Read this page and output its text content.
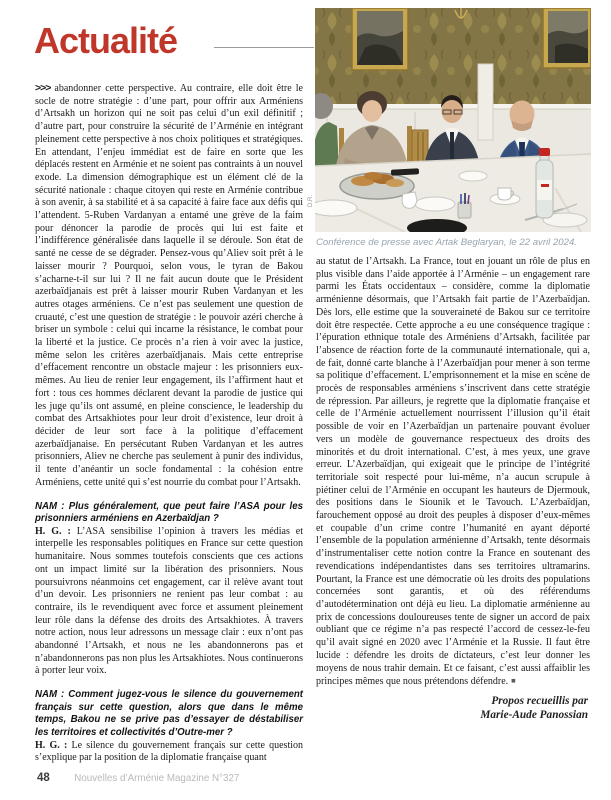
Actualité
D.R.
Conférence de presse avec Artak Beglaryan, le 22 avril 2024.

>>> abandonner cette perspective. Au contraire, elle doit être le socle de notre stratégie : d’une part, pour offrir aux Arméniens d’Artsakh un horizon qui ne soit pas celui d’un exil définitif ; d’autre part, pour construire la sécurité de l’Arménie en intégrant pleinement cette perspective à nos choix politiques et stratégiques. En attendant, l’enjeu immédiat est de faire en sorte que les déplacés restent en Arménie et ne soient pas contraints à un nouvel exode. La dimension démographique est un élément clé de la sécurité nationale : chaque citoyen qui reste en Arménie contribue à son avenir, à sa stabilité et à sa capacité à faire face aux défis qui l’attendent. 5-Ruben Vardanyan a entamé une grève de la faim pour dénoncer la parodie de procès qui lui est faite et l’indifférence généralisée dans laquelle il se déroule. Son état de santé ne cesse de se dégrader. Pensez-vous qu’Aliev soit prêt à le laisser mourir ? Pourquoi, selon vous, le tyran de Bakou s’acharne-t-il sur lui ? Il ne fait aucun doute que le Président azerbaïdjanais est prêt à laisser mourir Ruben Vardanyan et les autres otages arméniens. Ce n’est pas seulement une question de cruauté, c’est une question de stratégie : le pouvoir azéri cherche à briser un symbole : celui qui incarne la résistance, le combat pour la liberté et la justice. Ce procès n’a rien à voir avec la justice, même selon les critères azerbaïdjanais. Mais cette entreprise d’effacement rencontre un obstacle majeur : les prisonniers eux-mêmes. Au lieu de renier leur engagement, ils l’affirment haut et fort : tous ces hommes déclarent devant la parodie de justice qui les juge qu’ils ont assumé, en pleine conscience, le leadership du combat des Artsakhiotes pour leur droit d’existence, leur droit à décider de leur sort face à la politique d’effacement azerbaïdjanaise. En persécutant Ruben Vardanyan et les autres prisonniers, Aliev ne cherche pas seulement à punir des individus, il tente d’anéantir un socle fondamental : la cohésion entre Arméniens, cette unité qui s’est nourrie du combat pour l’Artsakh.

NAM : Plus généralement, que peut faire l’ASA pour les prisonniers arméniens en Azerbaïdjan ?

H. G. : L’ASA sensibilise l’opinion à travers les médias et interpelle les responsables politiques en France sur cette question humanitaire. Nous sommes toutefois conscients que ces actions ont un impact limité sur la libération des prisonniers. Nous poursuivrons néanmoins cet engagement, car il relève avant tout d’un devoir. Les prisonniers ne renient pas leur combat : au contraire, ils le revendiquent avec force et assument pleinement leur rôle dans la défense des droits des Artsakhiotes. À travers notre action, nous leur adressons un message clair : eux n’ont pas abandonné l’Artsakh, et nous ne les abandonnerons pas et n’abandonnerons pas non plus les Artsakhiotes. Nous continuerons à porter leur voix.

NAM : Comment jugez-vous le silence du gouvernement français sur cette question, alors que dans le même temps, Bakou ne se prive pas d’essayer de déstabiliser les territoires et collectivités d’Outre-mer ?

H. G. : Le silence du gouvernement français sur cette question s’explique par la position de la diplomatie française quant

au statut de l’Artsakh. La France, tout en jouant un rôle de plus en plus visible dans l’aide apportée à l’Arménie – un engagement rare parmi les États occidentaux – considère, comme la diplomatie arménienne désormais, que l’Artsakh fait partie de l’Azerbaïdjan. Dès lors, elle estime que la souveraineté de Bakou sur ce territoire doit être respectée. Cette approche a eu une conséquence tragique : l’épuration ethnique totale des Arméniens d’Artsakh, facilitée par l’absence de réaction forte de la communauté internationale, qui a, de fait, donné carte blanche à l’Azerbaïdjan pour mener à son terme sa politique d’effacement. L’emprisonnement et la mise en scène de procès de responsables arméniens s’inscrivent dans cette stratégie de répression. Par ailleurs, je regrette que la diplomatie française et celle de l’Arménie actuellement nourrissent l’illusion qu’il était possible de voir en l’Azerbaïdjan un partenaire pouvant évoluer vers un modèle de gouvernance respectueux des droits des minorités et du droit international. C’est, à mes yeux, une grave erreur. L’Azerbaïdjan, qui exigeait que le principe de l’intégrité territoriale soit respecté pour lui-même, n’a aucun scrupule à piétiner celui de l’Arménie en occupant les hauteurs de Djermouk, des positions dans le Siounik et le Tavouch. L’Azerbaïdjan, farouchement opposé au droit des peuples à disposer d’eux-mêmes et coupable d’un crime contre l’humanité en ayant déporté l’ensemble de la population arménienne d’Artsakh, tente désormais d’instrumentaliser cette notion contre la France en soutenant des revendications indépendantistes dans ses territoires ultramarins. Pourtant, la France est une démocratie où les droits des populations concernées sont garantis, et où des référendums d’autodétermination ont déjà eu lieu. La diplomatie arménienne au prix de concessions douloureuses tente de signer un accord de paix oubliant que ce régime n’a pas respecté l’accord de cessez-le-feu qu’il avait signé en 2020 avec l’Arménie et la Russie. Il faut être lucide : défendre les droits de dictateurs, c’est leur donner les moyens de nous trahir demain. Et ce faisant, c’est aussi affaiblir les principes mêmes que nous prétendons défendre. ■

Propos recueillis par
Marie-Aude Panossian

48 Nouvelles d’Arménie Magazine N°327
